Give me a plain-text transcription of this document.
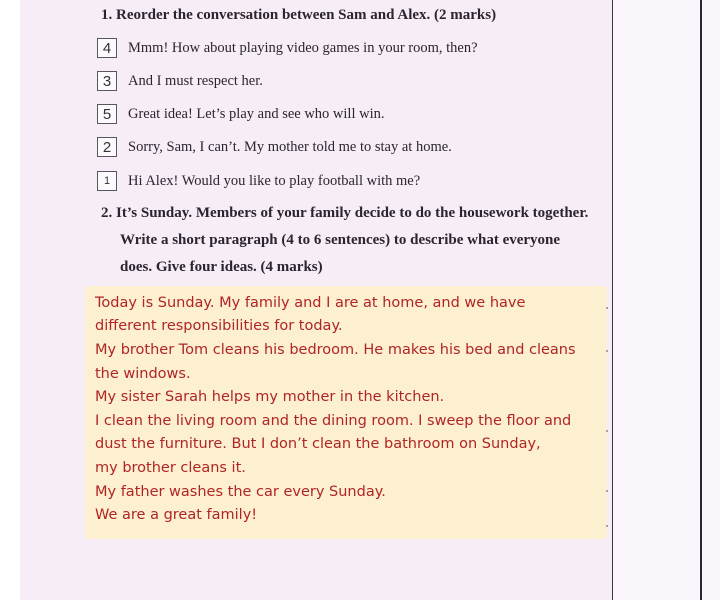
1. Reorder the conversation between Sam and Alex. (2 marks)
4	Mmm! How about playing video games in your room, then?
3	And I must respect her.
5	Great idea! Let’s play and see who will win.
2	Sorry, Sam, I can’t. My mother told me to stay at home.
1	Hi Alex! Would you like to play football with me?
2. It’s Sunday. Members of your family decide to do the housework together.
Write a short paragraph (4 to 6 sentences) to describe what everyone
does. Give four ideas. (4 marks)

Today is Sunday. My family and I are at home, and we have

different responsibilities for today.

My brother Tom cleans his bedroom. He makes his bed and cleans

the windows.

My sister Sarah helps my mother in the kitchen.

I clean the living room and the dining room. I sweep the floor and

dust the furniture. But I don’t clean the bathroom on Sunday,

my brother cleans it.

My father washes the car every Sunday.

We are a great family!
